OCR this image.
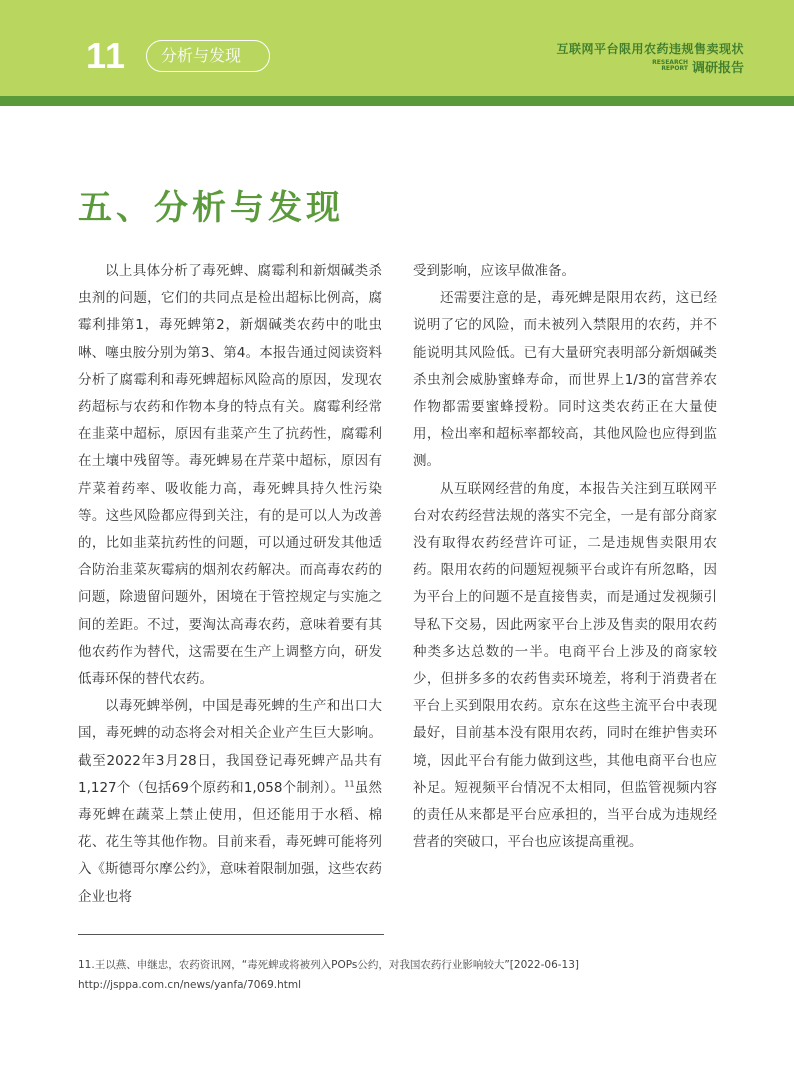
11	分析与发现	互联网平台限用农药违规售卖现状
RESEARCH
REPORT 调研报告
五、分析与发现

以上具体分析了毒死蜱、腐霉利和新烟碱类杀虫剂的问题，它们的共同点是检出超标比例高，腐霉利排第1，毒死蜱第2，新烟碱类农药中的吡虫啉、噻虫胺分别为第3、第4。本报告通过阅读资料分析了腐霉利和毒死蜱超标风险高的原因，发现农药超标与农药和作物本身的特点有关。腐霉利经常在韭菜中超标，原因有韭菜产生了抗药性，腐霉利在土壤中残留等。毒死蜱易在芹菜中超标，原因有芹菜着药率、吸收能力高，毒死蜱具持久性污染等。这些风险都应得到关注，有的是可以人为改善的，比如韭菜抗药性的问题，可以通过研发其他适合防治韭菜灰霉病的烟剂农药解决。而高毒农药的问题，除遗留问题外，困境在于管控规定与实施之间的差距。不过，要淘汰高毒农药，意味着要有其他农药作为替代，这需要在生产上调整方向，研发低毒环保的替代农药。

以毒死蜱举例，中国是毒死蜱的生产和出口大国，毒死蜱的动态将会对相关企业产生巨大影响。截至2022年3月28日，我国登记毒死蜱产品共有1,127个（包括69个原药和1,058个制剂）。$^{11}$虽然毒死蜱在蔬菜上禁止使用，但还能用于水稻、棉花、花生等其他作物。目前来看，毒死蜱可能将列入《斯德哥尔摩公约》，意味着限制加强，这些农药企业也将

受到影响，应该早做准备。

还需要注意的是，毒死蜱是限用农药，这已经说明了它的风险，而未被列入禁限用的农药，并不能说明其风险低。已有大量研究表明部分新烟碱类杀虫剂会威胁蜜蜂寿命，而世界上1/3的富营养农作物都需要蜜蜂授粉。同时这类农药正在大量使用，检出率和超标率都较高，其他风险也应得到监测。

从互联网经营的角度，本报告关注到互联网平台对农药经营法规的落实不完全，一是有部分商家没有取得农药经营许可证，二是违规售卖限用农药。限用农药的问题短视频平台或许有所忽略，因为平台上的问题不是直接售卖，而是通过发视频引导私下交易，因此两家平台上涉及售卖的限用农药种类多达总数的一半。电商平台上涉及的商家较少，但拼多多的农药售卖环境差，将利于消费者在平台上买到限用农药。京东在这些主流平台中表现最好，目前基本没有限用农药，同时在维护售卖环境，因此平台有能力做到这些，其他电商平台也应补足。短视频平台情况不太相同，但监管视频内容的责任从来都是平台应承担的，当平台成为违规经营者的突破口，平台也应该提高重视。

11.王以燕、申继忠，农药资讯网，“毒死蜱或将被列入POPs公约，对我国农药行业影响较大”[2022-06-13]
http://jsppa.com.cn/news/yanfa/7069.html
